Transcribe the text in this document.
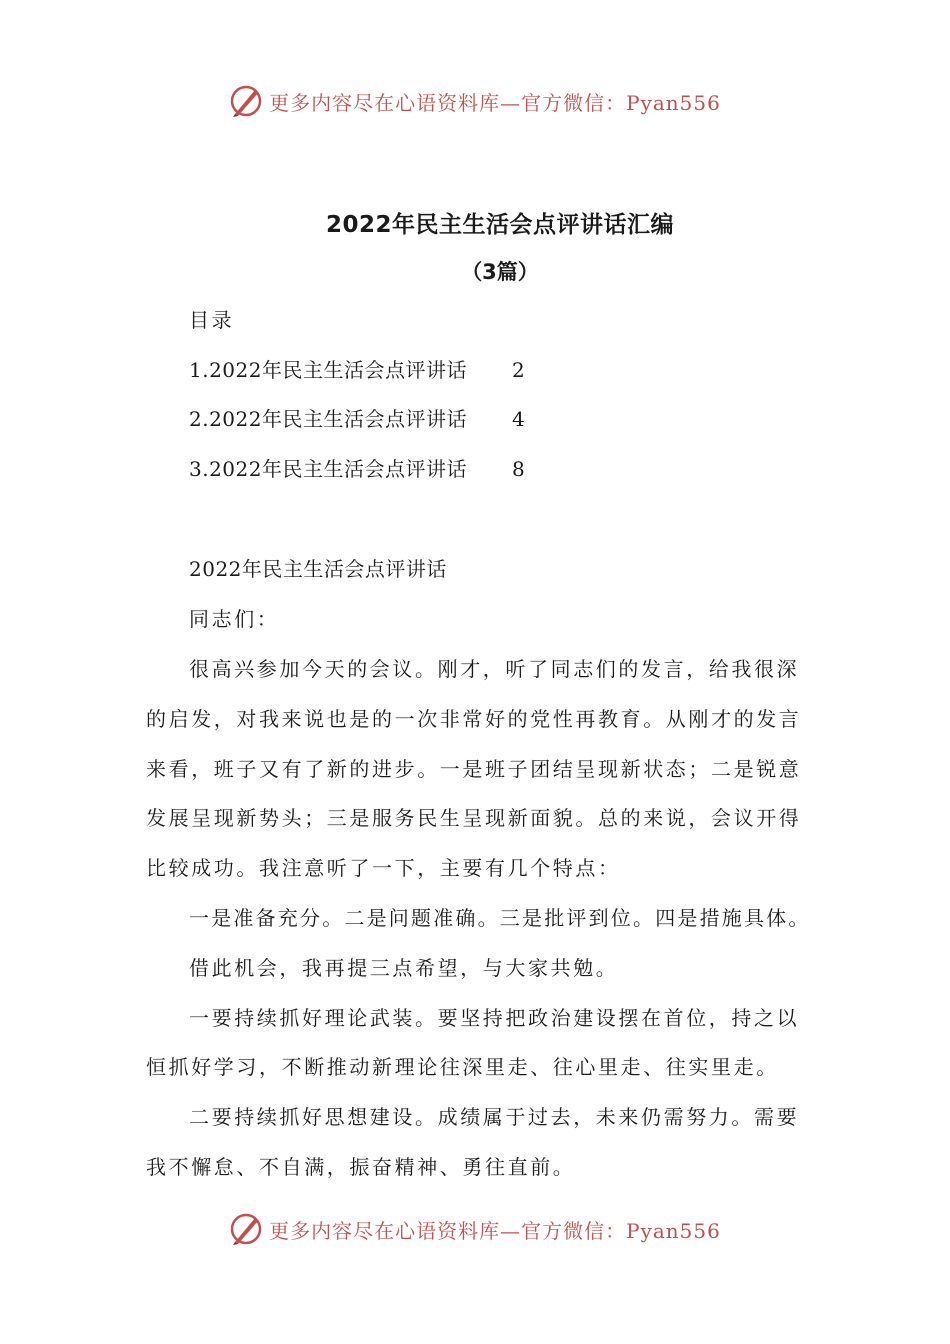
更多内容尽在心语资料库—官方微信：Pyan556
2022年民主生活会点评讲话汇编
（3篇）
目录
1.2022年民主生活会点评讲话 2
2.2022年民主生活会点评讲话 4
3.2022年民主生活会点评讲话 8
2022年民主生活会点评讲话
同志们：
很高兴参加今天的会议。刚才，听了同志们的发言，给我很深
的启发，对我来说也是的一次非常好的党性再教育。从刚才的发言
来看，班子又有了新的进步。一是班子团结呈现新状态；二是锐意
发展呈现新势头；三是服务民生呈现新面貌。总的来说，会议开得
比较成功。我注意听了一下，主要有几个特点：
一是准备充分。二是问题准确。三是批评到位。四是措施具体。
借此机会，我再提三点希望，与大家共勉。
一要持续抓好理论武装。要坚持把政治建设摆在首位，持之以
恒抓好学习，不断推动新理论往深里走、往心里走、往实里走。
二要持续抓好思想建设。成绩属于过去，未来仍需努力。需要
我不懈怠、不自满，振奋精神、勇往直前。
更多内容尽在心语资料库—官方微信：Pyan556
